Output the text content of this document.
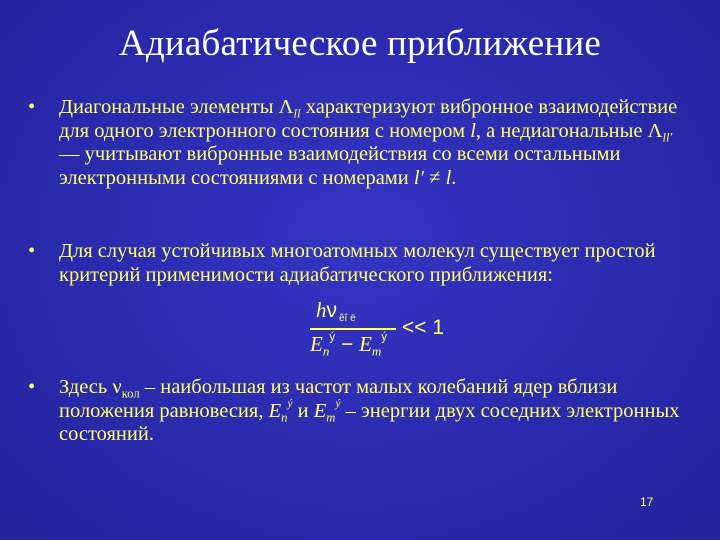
Адиабатическое приближение
• Диагональные элементы $\Lambda_{ll}$ характеризуют вибронное взаимодействие для одного электронного состояния с номером l, а недиагональные $\Lambda_{ll'}$ — учитывают вибронные взаимодействия со всеми остальными электронными состояниями с номерами l′ ≠ l.
• Для случая устойчивых многоатомных молекул существует простой критерий применимости адиабатического приближения:
hν êî ë
$E_n^ý - E_m^ý << 1$
• Здесь $\nu_{кол}$ – наибольшая из частот малых колебаний ядер вблизи положения равновесия, $E_n^ý$ и $E_m^ý$ – энергии двух соседних электронных состояний.
17
